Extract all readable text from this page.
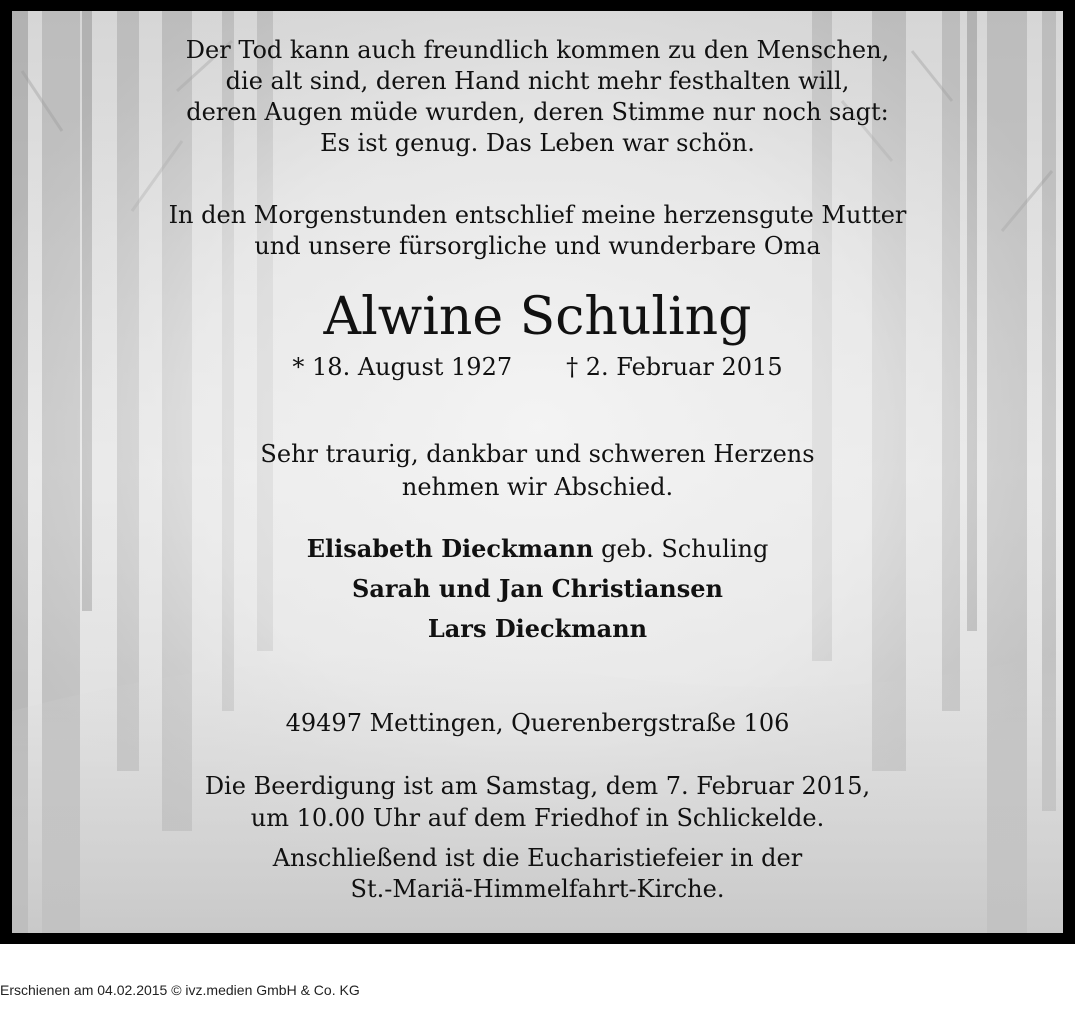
Der Tod kann auch freundlich kommen zu den Menschen,
die alt sind, deren Hand nicht mehr festhalten will,
deren Augen müde wurden, deren Stimme nur noch sagt:
Es ist genug. Das Leben war schön.
In den Morgenstunden entschlief meine herzensgute Mutter
und unsere fürsorgliche und wunderbare Oma
Alwine Schuling
* 18. August 1927 † 2. Februar 2015
Sehr traurig, dankbar und schweren Herzens
nehmen wir Abschied.
Elisabeth Dieckmann geb. Schuling
Sarah und Jan Christiansen
Lars Dieckmann
49497 Mettingen, Querenbergstraße 106
Die Beerdigung ist am Samstag, dem 7. Februar 2015,
um 10.00 Uhr auf dem Friedhof in Schlickelde.
Anschließend ist die Eucharistiefeier in der
St.-Mariä-Himmelfahrt-Kirche.
Erschienen am 04.02.2015 © ivz.medien GmbH & Co. KG
